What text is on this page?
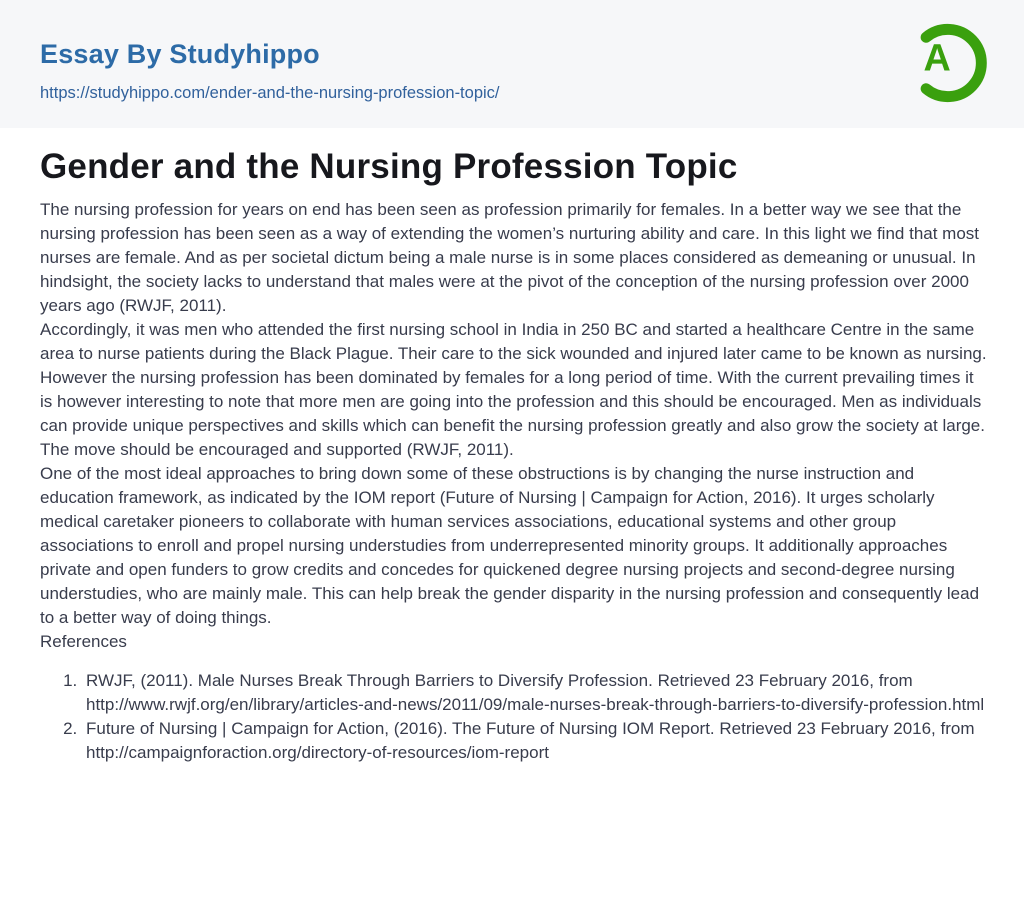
Essay By Studyhippo
https://studyhippo.com/ender-and-the-nursing-profession-topic/
A
Gender and the Nursing Profession Topic

The nursing profession for years on end has been seen as profession primarily for females. In a better way we see that the nursing profession has been seen as a way of extending the women’s nurturing ability and care. In this light we find that most nurses are female. And as per societal dictum being a male nurse is in some places considered as demeaning or unusual. In hindsight, the society lacks to understand that males were at the pivot of the conception of the nursing profession over 2000 years ago (RWJF, 2011).

Accordingly, it was men who attended the first nursing school in India in 250 BC and started a healthcare Centre in the same area to nurse patients during the Black Plague. Their care to the sick wounded and injured later came to be known as nursing. However the nursing profession has been dominated by females for a long period of time. With the current prevailing times it is however interesting to note that more men are going into the profession and this should be encouraged. Men as individuals can provide unique perspectives and skills which can benefit the nursing profession greatly and also grow the society at large. The move should be encouraged and supported (RWJF, 2011).

One of the most ideal approaches to bring down some of these obstructions is by changing the nurse instruction and education framework, as indicated by the IOM report (Future of Nursing | Campaign for Action, 2016). It urges scholarly medical caretaker pioneers to collaborate with human services associations, educational systems and other group associations to enroll and propel nursing understudies from underrepresented minority groups. It additionally approaches private and open funders to grow credits and concedes for quickened degree nursing projects and second-degree nursing understudies, who are mainly male. This can help break the gender disparity in the nursing profession and consequently lead to a better way of doing things.

References

1. RWJF, (2011). Male Nurses Break Through Barriers to Diversify Profession. Retrieved 23 February 2016, from http://www.rwjf.org/en/library/articles-and-news/2011/09/male-nurses-break-through-barriers-to-diversify-profession.html
2. Future of Nursing | Campaign for Action, (2016). The Future of Nursing IOM Report. Retrieved 23 February 2016, from http://campaignforaction.org/directory-of-resources/iom-report
